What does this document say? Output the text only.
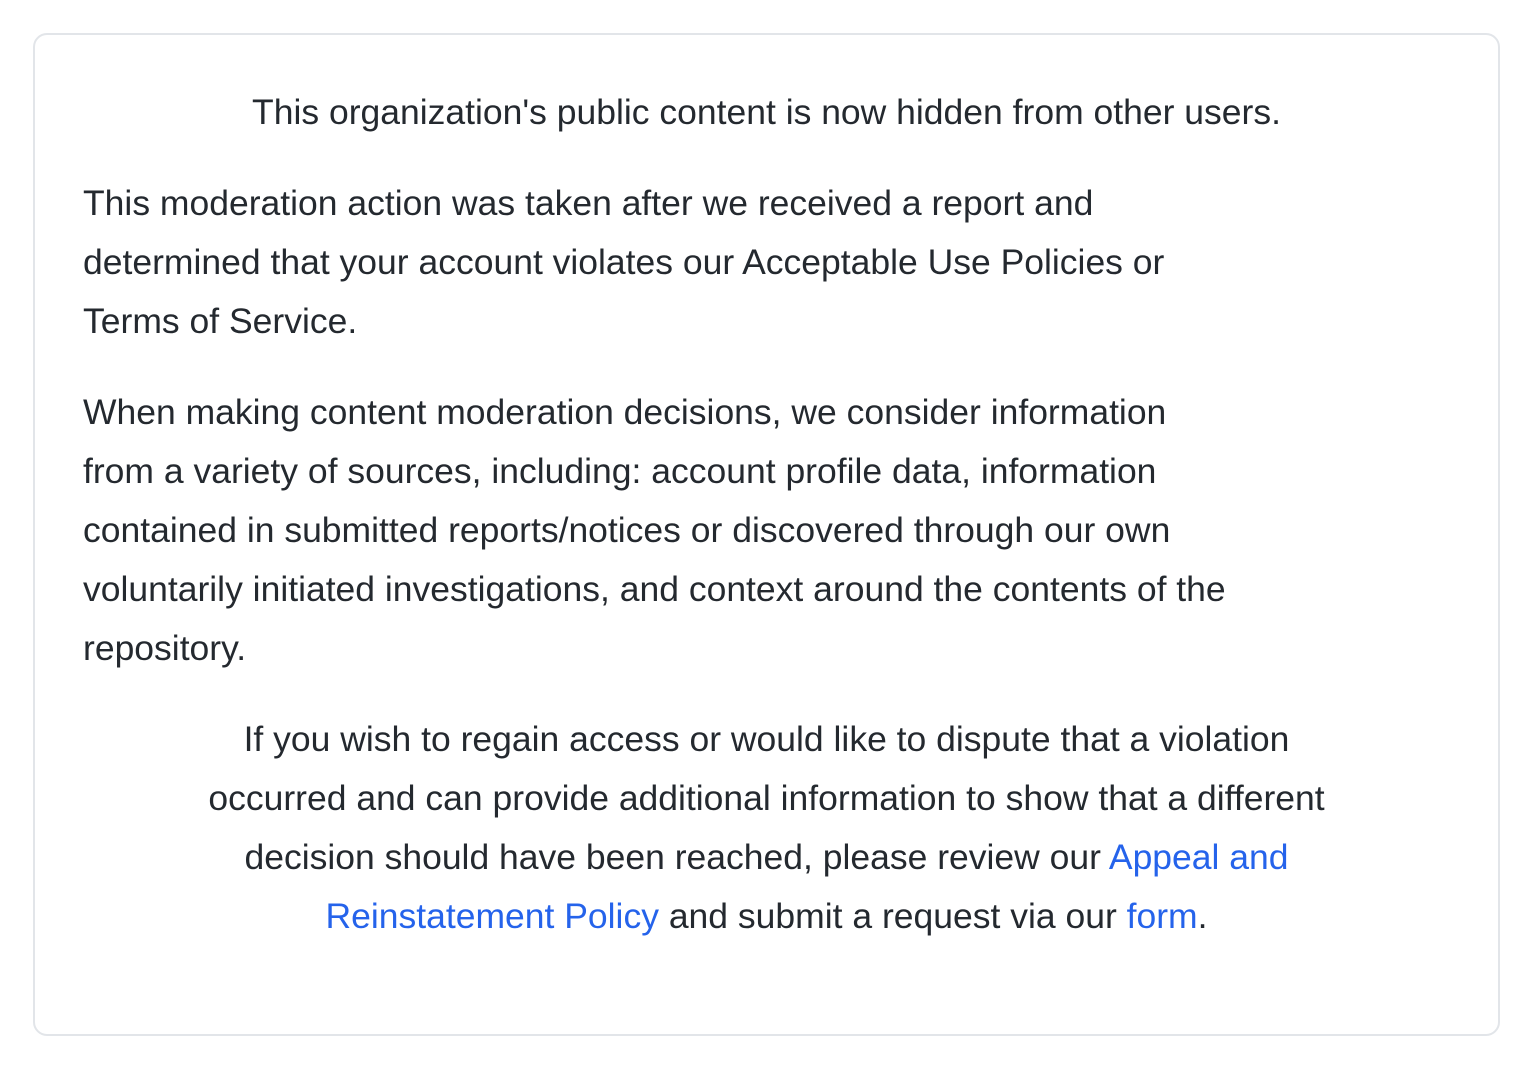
This organization's public content is now hidden from other users.

This moderation action was taken after we received a report and
determined that your account violates our Acceptable Use Policies or
Terms of Service.

When making content moderation decisions, we consider information
from a variety of sources, including: account profile data, information
contained in submitted reports/notices or discovered through our own
voluntarily initiated investigations, and context around the contents of the
repository.

If you wish to regain access or would like to dispute that a violation
occurred and can provide additional information to show that a different
decision should have been reached, please review our Appeal and
Reinstatement Policy and submit a request via our form.
